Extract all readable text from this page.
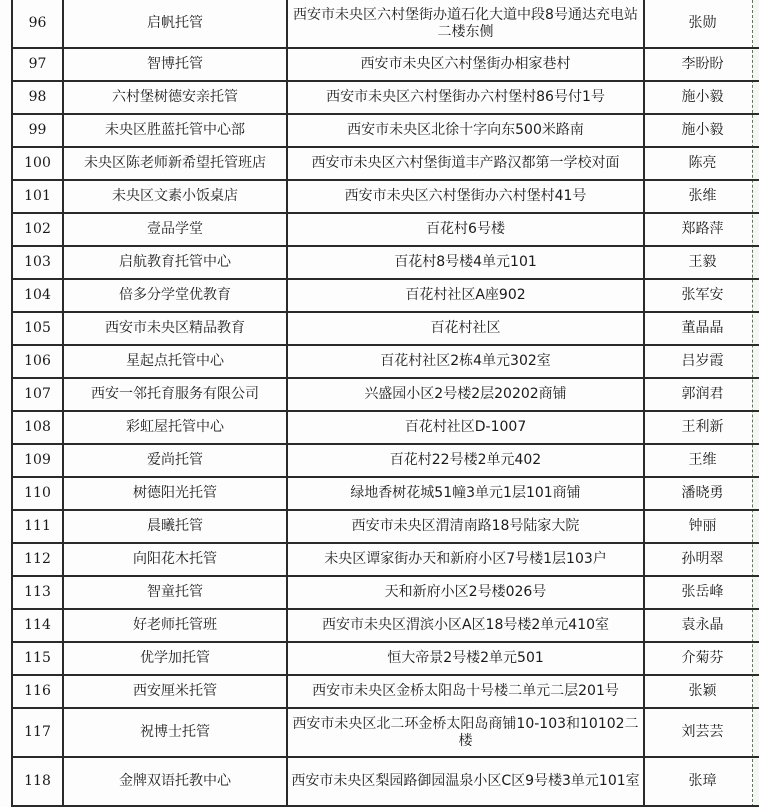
96	启帆托管	西安市未央区六村堡街办道石化大道中段8号通达充电站二楼东侧	张勋
97	智博托管	西安市未央区六村堡街办相家巷村	李盼盼
98	六村堡树德安亲托管	西安市未央区六村堡街办六村堡村86号付1号	施小毅
99	未央区胜蓝托管中心部	西安市未央区北徐十字向东500米路南	施小毅
100	未央区陈老师新希望托管班店	西安市未央区六村堡街道丰产路汉都第一学校对面	陈亮
101	未央区文素小饭桌店	西安市未央区六村堡街办六村堡村41号	张维
102	壹品学堂	百花村6号楼	郑路萍
103	启航教育托管中心	百花村8号楼4单元101	王毅
104	倍多分学堂优教育	百花村社区A座902	张军安
105	西安市未央区精品教育	百花村社区	董晶晶
106	星起点托管中心	百花村社区2栋4单元302室	吕岁霞
107	西安一邻托育服务有限公司	兴盛园小区2号楼2层20202商铺	郭润君
108	彩虹屋托管中心	百花村社区D-1007	王利新
109	爱尚托管	百花村22号楼2单元402	王维
110	树德阳光托管	绿地香树花城51幢3单元1层101商铺	潘晓勇
111	晨曦托管	西安市未央区渭清南路18号陆家大院	钟丽
112	向阳花木托管	未央区谭家街办天和新府小区7号楼1层103户	孙明翠
113	智童托管	天和新府小区2号楼026号	张岳峰
114	好老师托管班	西安市未央区渭滨小区A区18号楼2单元410室	袁永晶
115	优学加托管	恒大帝景2号楼2单元501	介菊芬
116	西安厘米托管	西安市未央区金桥太阳岛十号楼二单元二层201号	张颖
117	祝博士托管	西安市未央区北二环金桥太阳岛商铺10-103和10102二楼	刘芸芸
118	金牌双语托教中心	西安市未央区梨园路御园温泉小区C区9号楼3单元101室	张璋
